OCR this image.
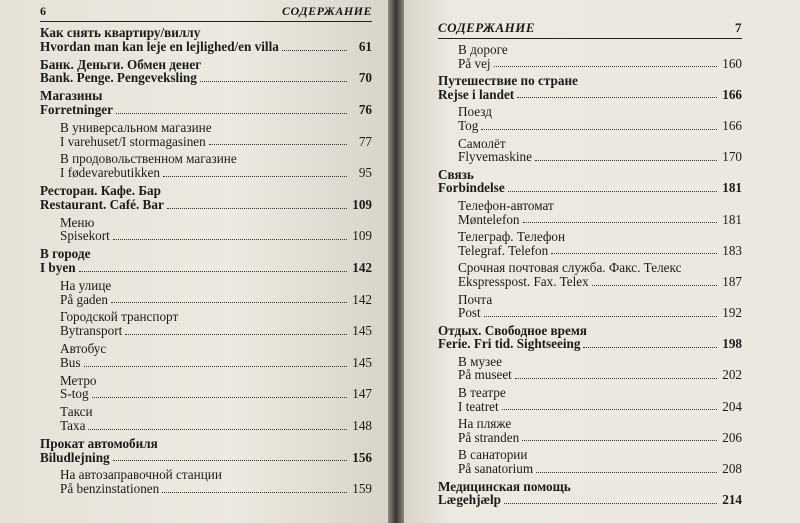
6	СОДЕРЖАНИЕ
Как снять квартиру/виллу
Hvordan man kan leje en lejlighed/en villa	61
Банк. Деньги. Обмен денег
Bank. Penge. Pengeveksling	70
Магазины
Forretninger	76
В универсальном магазине
I varehuset/I stormagasinen	77
В продовольственном магазине
I fødevarebutikken	95
Ресторан. Кафе. Бар
Restaurant. Café. Bar	109
Меню
Spisekort	109
В городе
I byen	142
На улице
På gaden	142
Городской транспорт
Bytransport	145
Автобус
Bus	145
Метро
S-tog	147
Такси
Taxa	148
Прокат автомобиля
Biludlejning	156
На автозаправочной станции
På benzinstationen	159
СОДЕРЖАНИЕ	7
В дороге
På vej	160
Путешествие по стране
Rejse i landet	166
Поезд
Tog	166
Самолёт
Flyvemaskine	170
Связь
Forbindelse	181
Телефон-автомат
Møntelefon	181
Телеграф. Телефон
Telegraf. Telefon	183
Срочная почтовая служба. Факс. Телекс
Ekspresspost. Fax. Telex	187
Почта
Post	192
Отдых. Свободное время
Ferie. Fri tid. Sightseeing	198
В музее
På museet	202
В театре
I teatret	204
На пляже
På stranden	206
В санатории
På sanatorium	208
Медицинская помощь
Lægehjælp	214
